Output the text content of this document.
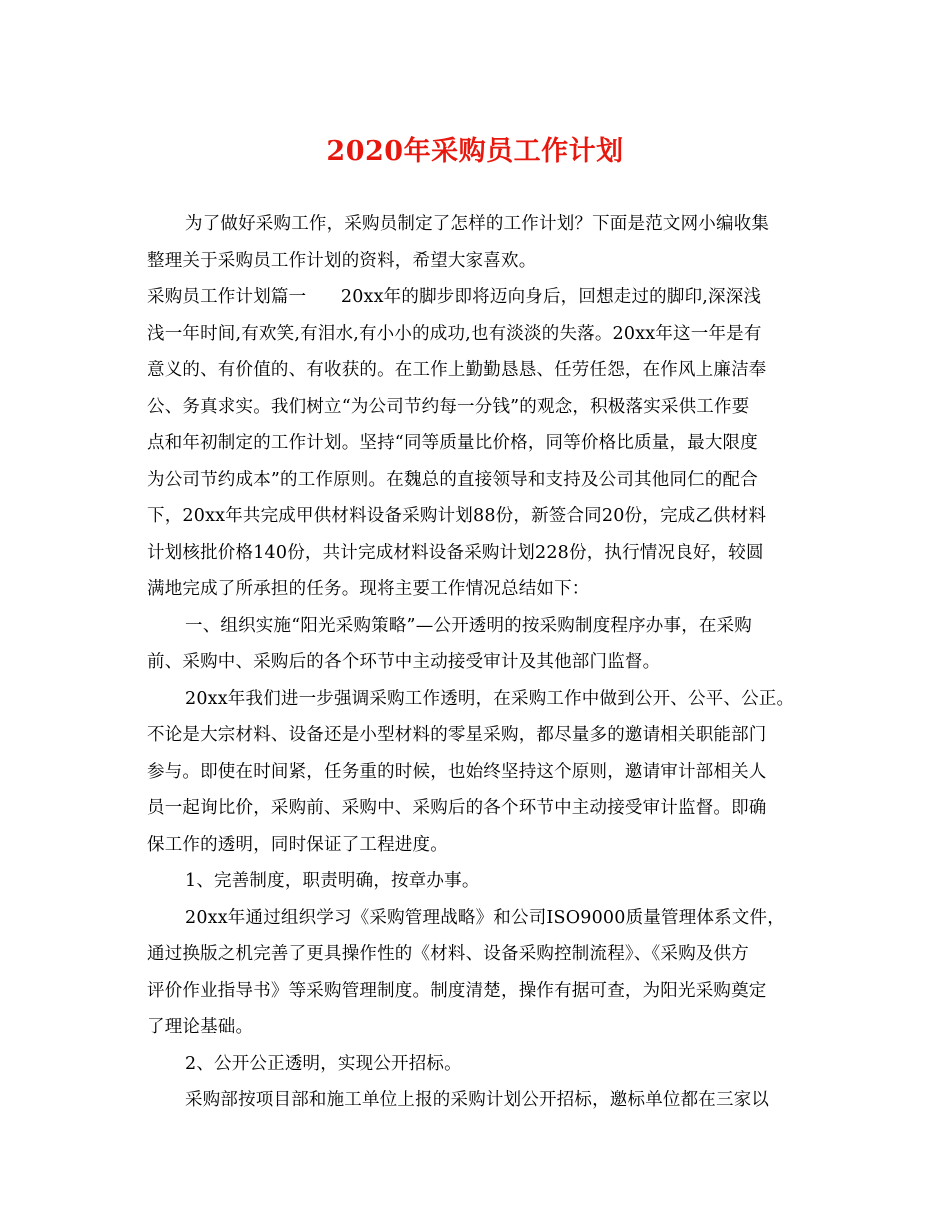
2020年采购员工作计划
为了做好采购工作，采购员制定了怎样的工作计划？下面是范文网小编收集
整理关于采购员工作计划的资料，希望大家喜欢。
采购员工作计划篇一      20xx年的脚步即将迈向身后，回想走过的脚印,深深浅
浅一年时间,有欢笑,有泪水,有小小的成功,也有淡淡的失落。20xx年这一年是有
意义的、有价值的、有收获的。在工作上勤勤恳恳、任劳任怨，在作风上廉洁奉
公、务真求实。我们树立“为公司节约每一分钱”的观念，积极落实采供工作要
点和年初制定的工作计划。坚持“同等质量比价格，同等价格比质量，最大限度
为公司节约成本”的工作原则。在魏总的直接领导和支持及公司其他同仁的配合
下，20xx年共完成甲供材料设备采购计划88份，新签合同20份，完成乙供材料
计划核批价格140份，共计完成材料设备采购计划228份，执行情况良好，较圆
满地完成了所承担的任务。现将主要工作情况总结如下：
一、组织实施“阳光采购策略”—公开透明的按采购制度程序办事，在采购
前、采购中、采购后的各个环节中主动接受审计及其他部门监督。
20xx年我们进一步强调采购工作透明，在采购工作中做到公开、公平、公正。
不论是大宗材料、设备还是小型材料的零星采购，都尽量多的邀请相关职能部门
参与。即使在时间紧，任务重的时候，也始终坚持这个原则，邀请审计部相关人
员一起询比价，采购前、采购中、采购后的各个环节中主动接受审计监督。即确
保工作的透明，同时保证了工程进度。
1、完善制度，职责明确，按章办事。
20xx年通过组织学习《采购管理战略》和公司ISO9000质量管理体系文件，
通过换版之机完善了更具操作性的《材料、设备采购控制流程》、《采购及供方
评价作业指导书》等采购管理制度。制度清楚，操作有据可查，为阳光采购奠定
了理论基础。
2、公开公正透明，实现公开招标。
采购部按项目部和施工单位上报的采购计划公开招标，邀标单位都在三家以
